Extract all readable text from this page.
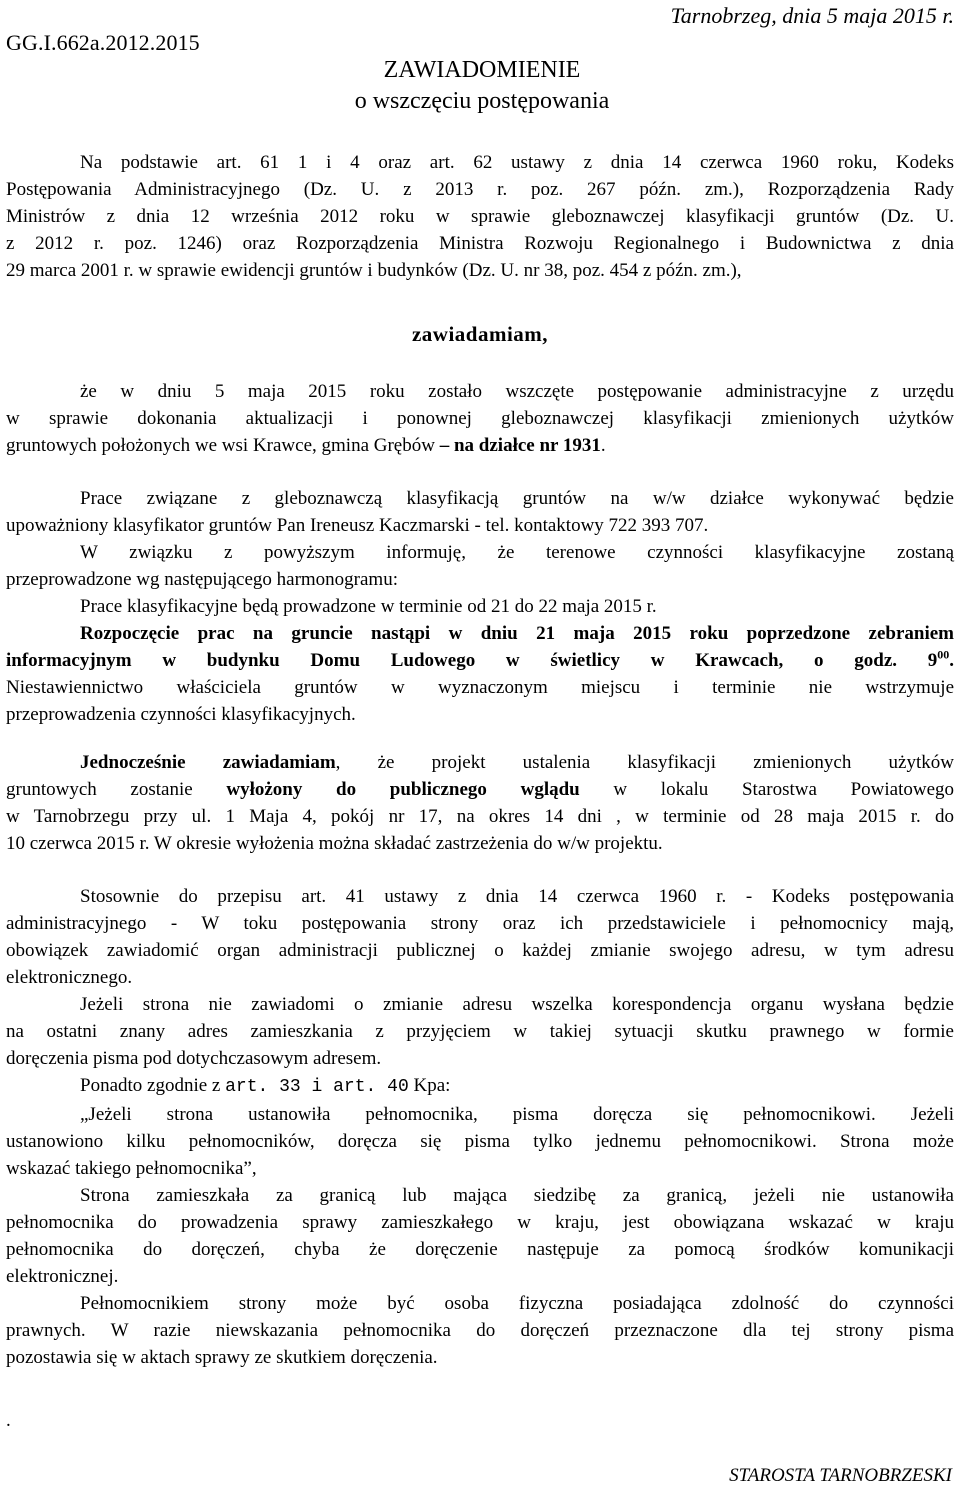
GG.I.662a.2012.2015
Tarnobrzeg, dnia 5 maja 2015 r.
ZAWIADOMIENIE
o wszczęciu postępowania
Na podstawie art. 61 1 i 4 oraz art. 62 ustawy z dnia 14 czerwca 1960 roku, Kodeks
Postępowania Administracyjnego (Dz. U. z 2013 r. poz. 267 późn. zm.), Rozporządzenia Rady
Ministrów z dnia 12 września 2012 roku w sprawie gleboznawczej klasyfikacji gruntów (Dz. U.
z 2012 r. poz. 1246) oraz Rozporządzenia Ministra Rozwoju Regionalnego i Budownictwa z dnia
29 marca 2001 r. w sprawie ewidencji gruntów i budynków (Dz. U. nr 38, poz. 454 z późn. zm.),
zawiadamiam,
że w dniu 5 maja 2015 roku zostało wszczęte postępowanie administracyjne z urzędu
w sprawie dokonania aktualizacji i ponownej gleboznawczej klasyfikacji zmienionych użytków
gruntowych położonych we wsi Krawce, gmina Grębów – na działce nr 1931.
Prace związane z gleboznawczą klasyfikacją gruntów na w/w działce wykonywać będzie
upoważniony klasyfikator gruntów Pan Ireneusz Kaczmarski - tel. kontaktowy 722 393 707.
W związku z powyższym informuję, że terenowe czynności klasyfikacyjne zostaną
przeprowadzone wg następującego harmonogramu:
Prace klasyfikacyjne będą prowadzone w terminie od 21 do 22 maja 2015 r.
Rozpoczęcie prac na gruncie nastąpi w dniu 21 maja 2015 roku poprzedzone zebraniem
informacyjnym w budynku Domu Ludowego w świetlicy w Krawcach, o godz. $9^{00}$.
Niestawiennictwo właściciela gruntów w wyznaczonym miejscu i terminie nie wstrzymuje
przeprowadzenia czynności klasyfikacyjnych.
Jednocześnie zawiadamiam, że projekt ustalenia klasyfikacji zmienionych użytków
gruntowych zostanie wyłożony do publicznego wglądu w lokalu Starostwa Powiatowego
w Tarnobrzegu przy ul. 1 Maja 4, pokój nr 17, na okres 14 dni , w terminie od 28 maja 2015 r. do
10 czerwca 2015 r. W okresie wyłożenia można składać zastrzeżenia do w/w projektu.
Stosownie do przepisu art. 41 ustawy z dnia 14 czerwca 1960 r. - Kodeks postępowania
administracyjnego - W toku postępowania strony oraz ich przedstawiciele i pełnomocnicy mają,
obowiązek zawiadomić organ administracji publicznej o każdej zmianie swojego adresu, w tym adresu
elektronicznego.
Jeżeli strona nie zawiadomi o zmianie adresu wszelka korespondencja organu wysłana będzie
na ostatni znany adres zamieszkania z przyjęciem w takiej sytuacji skutku prawnego w formie
doręczenia pisma pod dotychczasowym adresem.
Ponadto zgodnie z art. 33 i art. 40 Kpa:
„Jeżeli strona ustanowiła pełnomocnika, pisma doręcza się pełnomocnikowi. Jeżeli
ustanowiono kilku pełnomocników, doręcza się pisma tylko jednemu pełnomocnikowi. Strona może
wskazać takiego pełnomocnika”,
Strona zamieszkała za granicą lub mająca siedzibę za granicą, jeżeli nie ustanowiła
pełnomocnika do prowadzenia sprawy zamieszkałego w kraju, jest obowiązana wskazać w kraju
pełnomocnika do doręczeń, chyba że doręczenie następuje za pomocą środków komunikacji
elektronicznej.
Pełnomocnikiem strony może być osoba fizyczna posiadająca zdolność do czynności
prawnych. W razie niewskazania pełnomocnika do doręczeń przeznaczone dla tej strony pisma
pozostawia się w aktach sprawy ze skutkiem doręczenia.
.
STAROSTA TARNOBRZESKI
